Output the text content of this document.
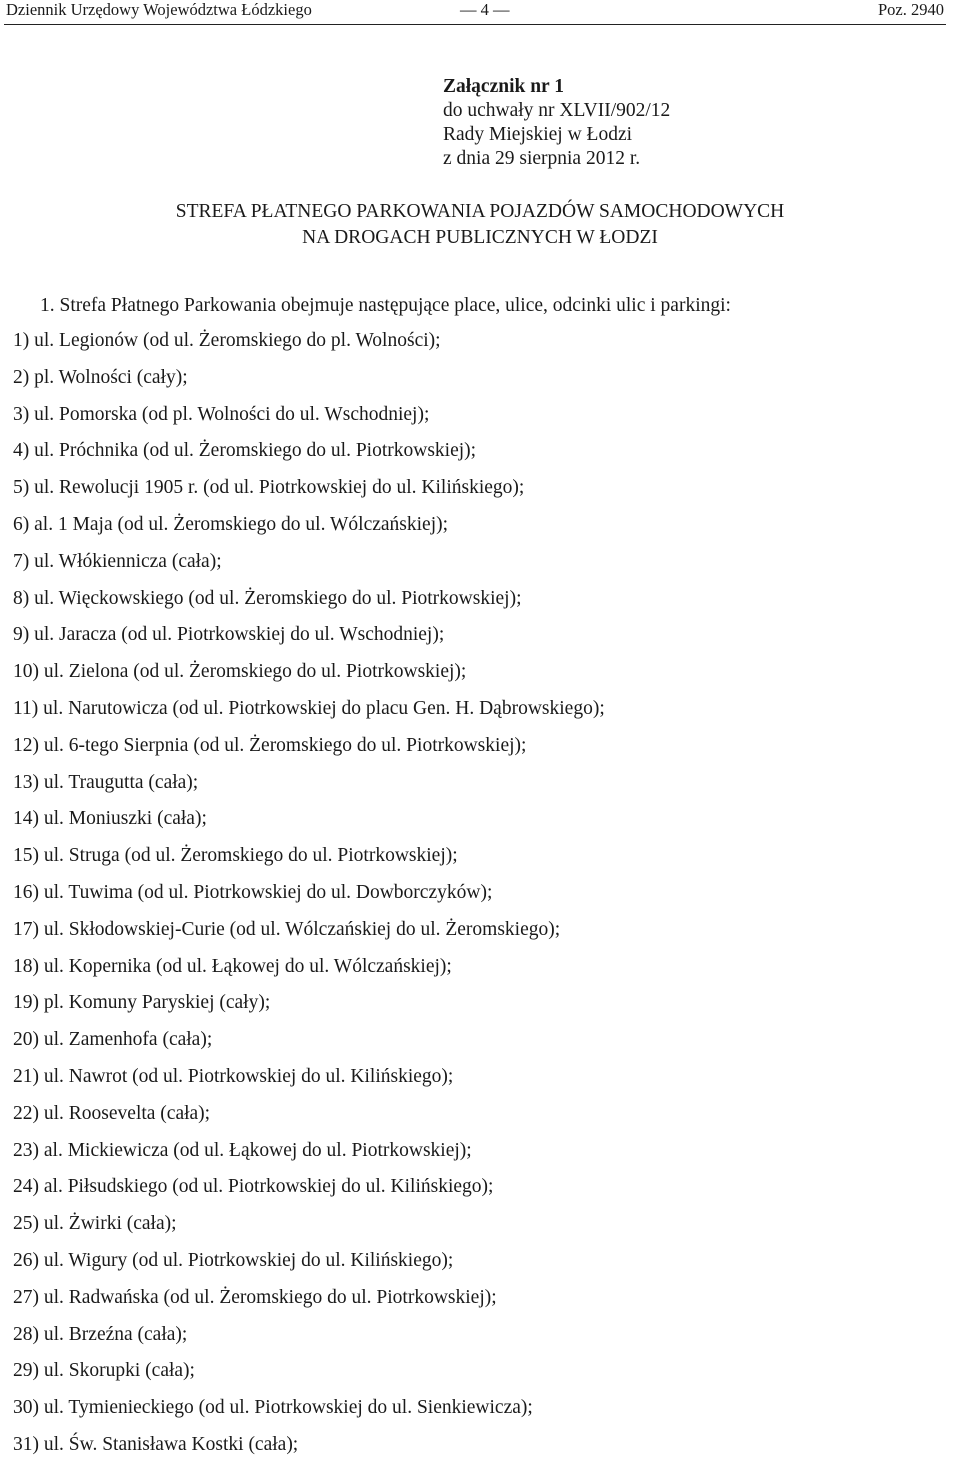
Dziennik Urzędowy Województwa Łódzkiego	— 4 —	Poz. 2940
Załącznik nr 1
do uchwały nr XLVII/902/12
Rady Miejskiej w Łodzi
z dnia 29 sierpnia 2012 r.
STREFA PŁATNEGO PARKOWANIA POJAZDÓW SAMOCHODOWYCH
NA DROGACH PUBLICZNYCH W ŁODZI
1. Strefa Płatnego Parkowania obejmuje następujące place, ulice, odcinki ulic i parkingi:
1) ul. Legionów (od ul. Żeromskiego do pl. Wolności);
2) pl. Wolności (cały);
3) ul. Pomorska (od pl. Wolności do ul. Wschodniej);
4) ul. Próchnika (od ul. Żeromskiego do ul. Piotrkowskiej);
5) ul. Rewolucji 1905 r. (od ul. Piotrkowskiej do ul. Kilińskiego);
6) al. 1 Maja (od ul. Żeromskiego do ul. Wólczańskiej);
7) ul. Włókiennicza (cała);
8) ul. Więckowskiego (od ul. Żeromskiego do ul. Piotrkowskiej);
9) ul. Jaracza (od ul. Piotrkowskiej do ul. Wschodniej);
10) ul. Zielona (od ul. Żeromskiego do ul. Piotrkowskiej);
11) ul. Narutowicza (od ul. Piotrkowskiej do placu Gen. H. Dąbrowskiego);
12) ul. 6-tego Sierpnia (od ul. Żeromskiego do ul. Piotrkowskiej);
13) ul. Traugutta (cała);
14) ul. Moniuszki (cała);
15) ul. Struga (od ul. Żeromskiego do ul. Piotrkowskiej);
16) ul. Tuwima (od ul. Piotrkowskiej do ul. Dowborczyków);
17) ul. Skłodowskiej-Curie (od ul. Wólczańskiej do ul. Żeromskiego);
18) ul. Kopernika (od ul. Łąkowej do ul. Wólczańskiej);
19) pl. Komuny Paryskiej (cały);
20) ul. Zamenhofa (cała);
21) ul. Nawrot (od ul. Piotrkowskiej do ul. Kilińskiego);
22) ul. Roosevelta (cała);
23) al. Mickiewicza (od ul. Łąkowej do ul. Piotrkowskiej);
24) al. Piłsudskiego (od ul. Piotrkowskiej do ul. Kilińskiego);
25) ul. Żwirki (cała);
26) ul. Wigury (od ul. Piotrkowskiej do ul. Kilińskiego);
27) ul. Radwańska (od ul. Żeromskiego do ul. Piotrkowskiej);
28) ul. Brzeźna (cała);
29) ul. Skorupki (cała);
30) ul. Tymienieckiego (od ul. Piotrkowskiej do ul. Sienkiewicza);
31) ul. Św. Stanisława Kostki (cała);
